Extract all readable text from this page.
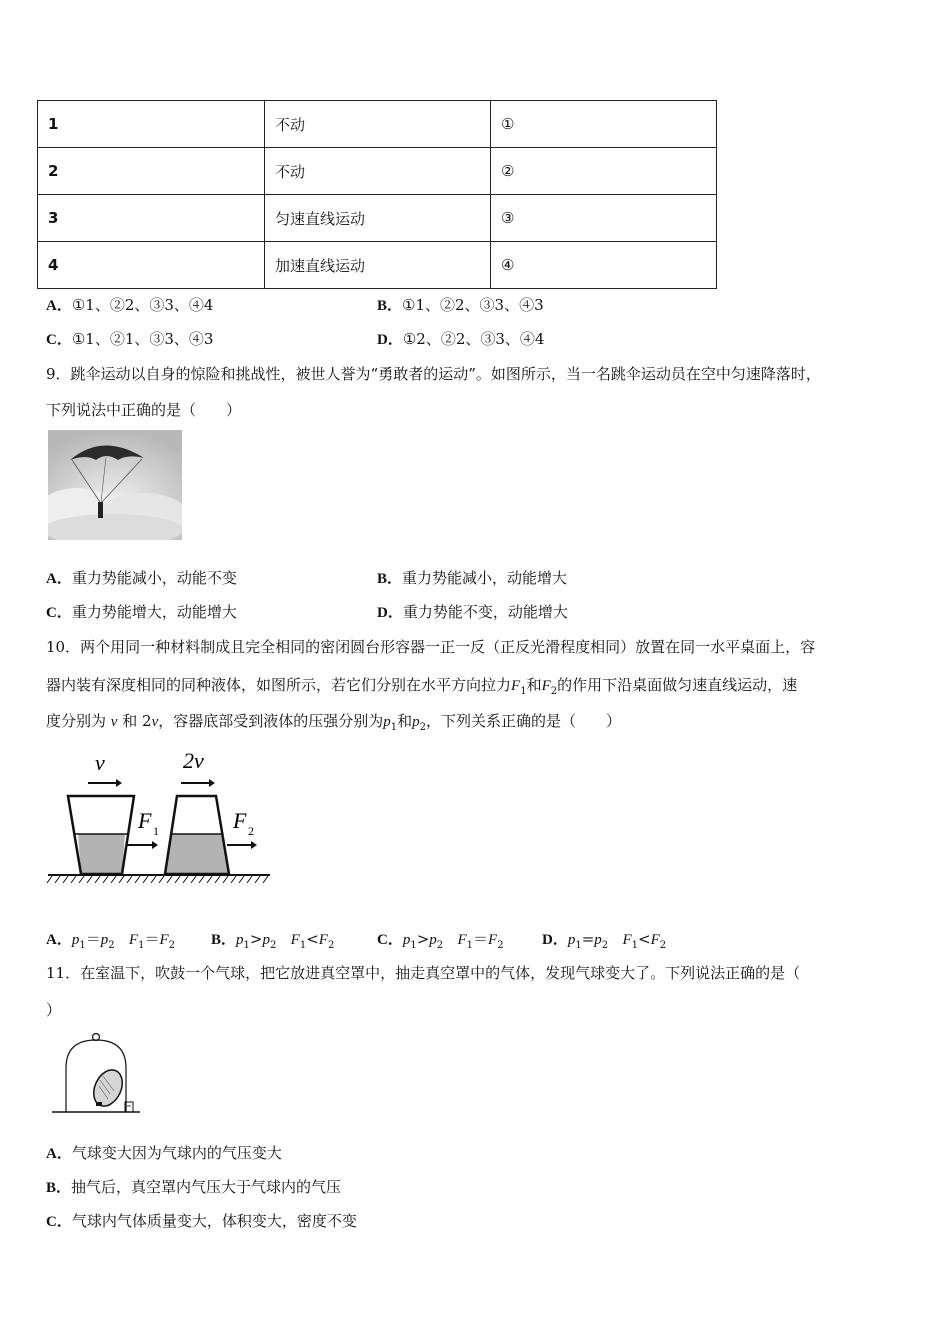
1	不动	①
2	不动	②
3	匀速直线运动	③
4	加速直线运动	④
A．①1、②2、③3、④4	B．①1、②2、③3、④3
C．①1、②1、③3、④3	D．①2、②2、③3、④4
9．跳伞运动以自身的惊险和挑战性，被世人誉为“勇敢者的运动”。如图所示，当一名跳伞运动员在空中匀速降落时，
下列说法中正确的是（　　）
A．重力势能减小，动能不变	B．重力势能减小，动能增大
C．重力势能增大，动能增大	D．重力势能不变，动能增大
10．两个用同一种材料制成且完全相同的密闭圆台形容器一正一反（正反光滑程度相同）放置在同一水平桌面上，容
器内装有深度相同的同种液体，如图所示，若它们分别在水平方向拉力$F_1$和$F_2$的作用下沿桌面做匀速直线运动，速
度分别为 v 和 2v，容器底部受到液体的压强分别为$p_1$和$p_2$，下列关系正确的是（　　）
v	2v
F 1	F 2
A．$p_1=p_2$ $F_1=F_2$ B．$p_1>p_2$ $F_1<F_2$	C．$p_1>p_2$ $F_1=F_2$	D．$p_1=p_2$ $F_1<F_2$
11．在室温下，吹鼓一个气球，把它放进真空罩中，抽走真空罩中的气体，发现气球变大了。下列说法正确的是（
）
A．气球变大因为气球内的气压变大
B．抽气后，真空罩内气压大于气球内的气压
C．气球内气体质量变大，体积变大，密度不变
